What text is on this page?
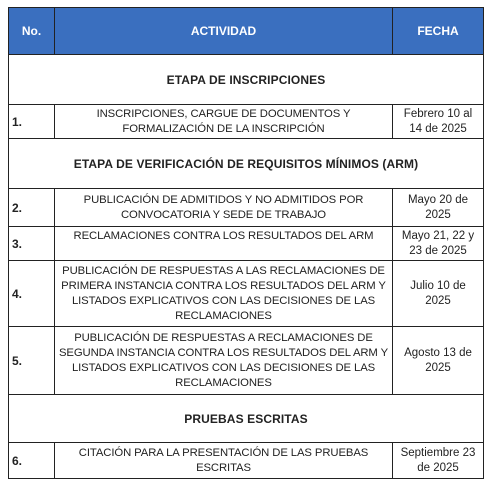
No.	ACTIVIDAD	FECHA
ETAPA DE INSCRIPCIONES		
1.	INSCRIPCIONES, CARGUE DE DOCUMENTOS Y FORMALIZACIÓN DE LA INSCRIPCIÓN	Febrero 10 al 14 de 2025
ETAPA DE VERIFICACIÓN DE REQUISITOS MÍNIMOS (ARM)		
2.	PUBLICACIÓN DE ADMITIDOS Y NO ADMITIDOS POR CONVOCATORIA Y SEDE DE TRABAJO	Mayo 20 de 2025
3.	RECLAMACIONES CONTRA LOS RESULTADOS DEL ARM	Mayo 21, 22 y 23 de 2025
4.	PUBLICACIÓN DE RESPUESTAS A LAS RECLAMACIONES DE PRIMERA INSTANCIA CONTRA LOS RESULTADOS DEL ARM Y LISTADOS EXPLICATIVOS CON LAS DECISIONES DE LAS RECLAMACIONES	Julio 10 de 2025
5.	PUBLICACIÓN DE RESPUESTAS A RECLAMACIONES DE SEGUNDA INSTANCIA CONTRA LOS RESULTADOS DEL ARM Y LISTADOS EXPLICATIVOS CON LAS DECISIONES DE LAS RECLAMACIONES	Agosto 13 de 2025
PRUEBAS ESCRITAS		
6.	CITACIÓN PARA LA PRESENTACIÓN DE LAS PRUEBAS ESCRITAS	Septiembre 23 de 2025
